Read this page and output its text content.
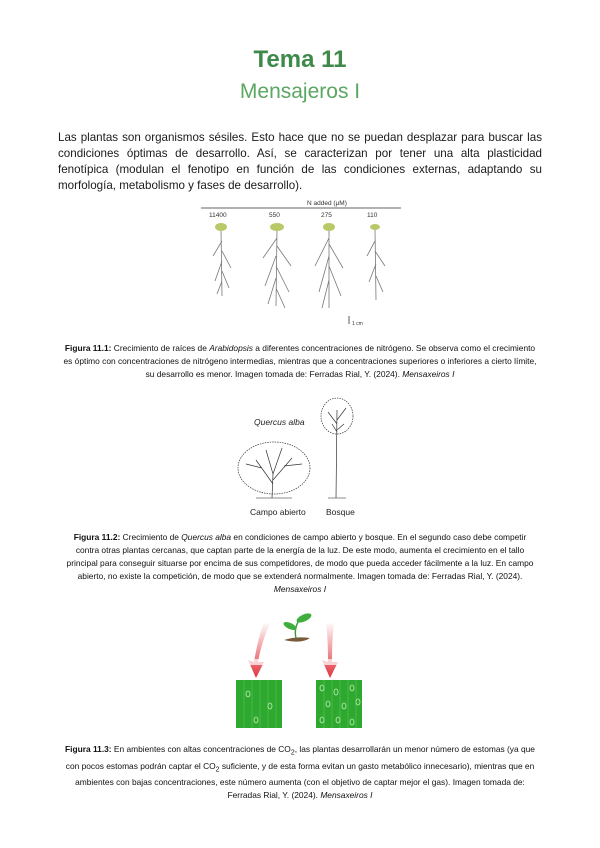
Tema 11
Mensajeros I

Las plantas son organismos sésiles. Esto hace que no se puedan desplazar para buscar las condiciones óptimas de desarrollo. Así, se caracterizan por tener una alta plasticidad fenotípica (modulan el fenotipo en función de las condiciones externas, adaptando su morfología, metabolismo y fases de desarrollo).

N added (μM)
11400	550	275	110
1 cm
Figura 11.1: Crecimiento de raíces de Arabidopsis a diferentes concentraciones de nitrógeno. Se observa como el crecimiento es óptimo con concentraciones de nitrógeno intermedias, mientras que a concentraciones superiores o inferiores a cierto límite, su desarrollo es menor. Imagen tomada de: Ferradas Rial, Y. (2024). Mensaxeiros I
Quercus alba
Campo abierto Bosque
Figura 11.2: Crecimiento de Quercus alba en condiciones de campo abierto y bosque. En el segundo caso debe competir contra otras plantas cercanas, que captan parte de la energía de la luz. De este modo, aumenta el crecimiento en el tallo principal para conseguir situarse por encima de sus competidores, de modo que pueda acceder fácilmente a la luz. En campo abierto, no existe la competición, de modo que se extenderá normalmente. Imagen tomada de: Ferradas Rial, Y. (2024). Mensaxeiros I
Figura 11.3: En ambientes con altas concentraciones de $CO_2$, las plantas desarrollarán un menor número de estomas (ya que con pocos estomas podrán captar el $CO_2$ suficiente, y de esta forma evitan un gasto metabólico innecesario), mientras que en ambientes con bajas concentraciones, este número aumenta (con el objetivo de captar mejor el gas). Imagen tomada de: Ferradas Rial, Y. (2024). Mensaxeiros I
